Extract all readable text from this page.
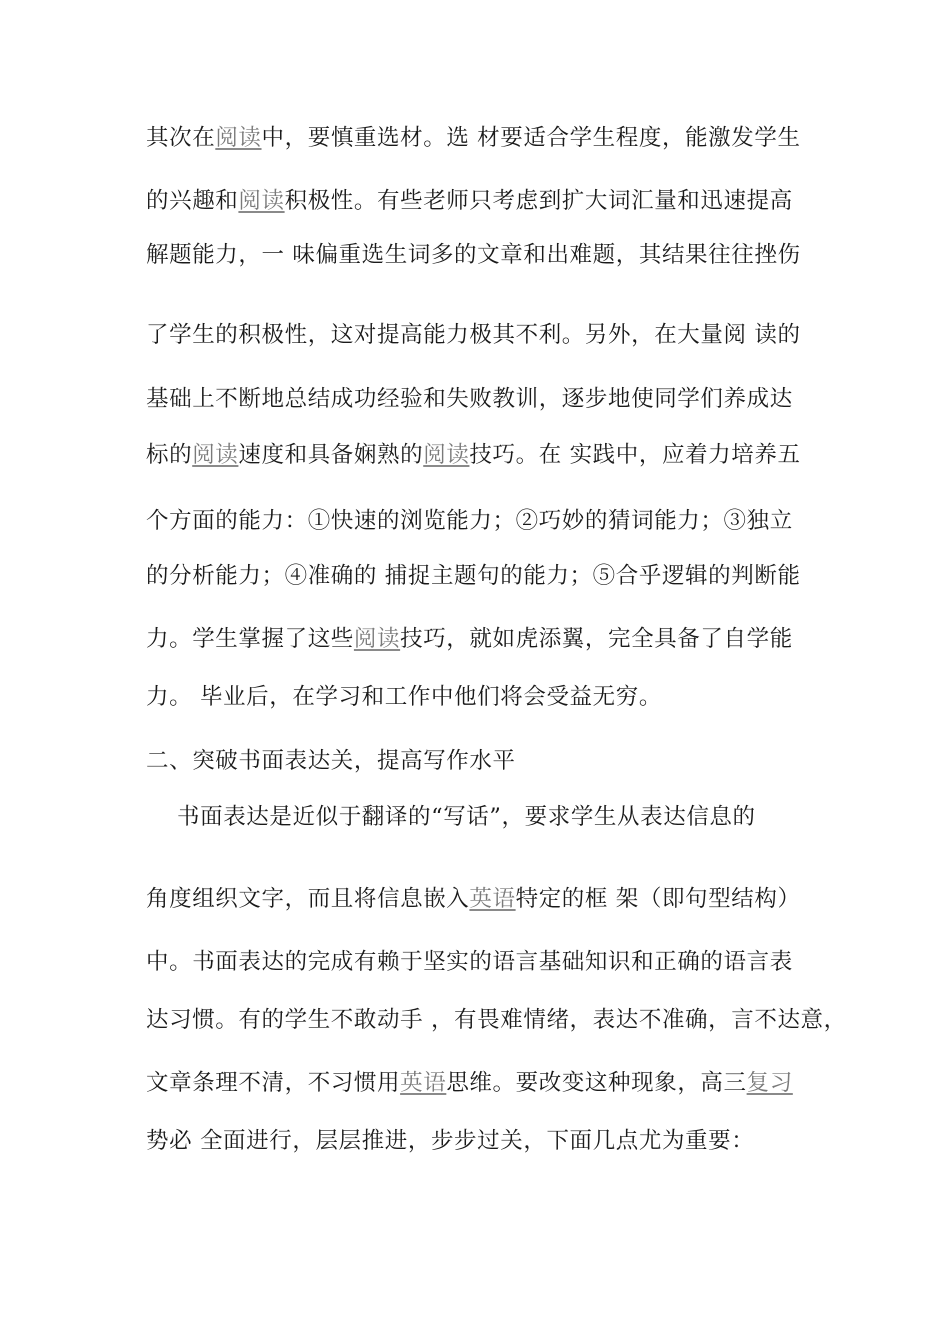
其次在阅读中，要慎重选材。选 材要适合学生程度，能激发学生
的兴趣和阅读积极性。有些老师只考虑到扩大词汇量和迅速提高
解题能力，一 味偏重选生词多的文章和出难题，其结果往往挫伤
了学生的积极性，这对提高能力极其不利。另外，在大量阅 读的
基础上不断地总结成功经验和失败教训，逐步地使同学们养成达
标的阅读速度和具备娴熟的阅读技巧。在 实践中，应着力培养五
个方面的能力：①快速的浏览能力；②巧妙的猜词能力；③独立
的分析能力；④准确的 捕捉主题句的能力；⑤合乎逻辑的判断能
力。学生掌握了这些阅读技巧，就如虎添翼，完全具备了自学能
力。 毕业后，在学习和工作中他们将会受益无穷。
二、突破书面表达关，提高写作水平
书面表达是近似于翻译的“写话”，要求学生从表达信息的
角度组织文字，而且将信息嵌入英语特定的框 架（即句型结构）
中。书面表达的完成有赖于坚实的语言基础知识和正确的语言表
达习惯。有的学生不敢动手 ，有畏难情绪，表达不准确，言不达意，
文章条理不清，不习惯用英语思维。要改变这种现象，高三复习
势必 全面进行，层层推进，步步过关，下面几点尤为重要：
